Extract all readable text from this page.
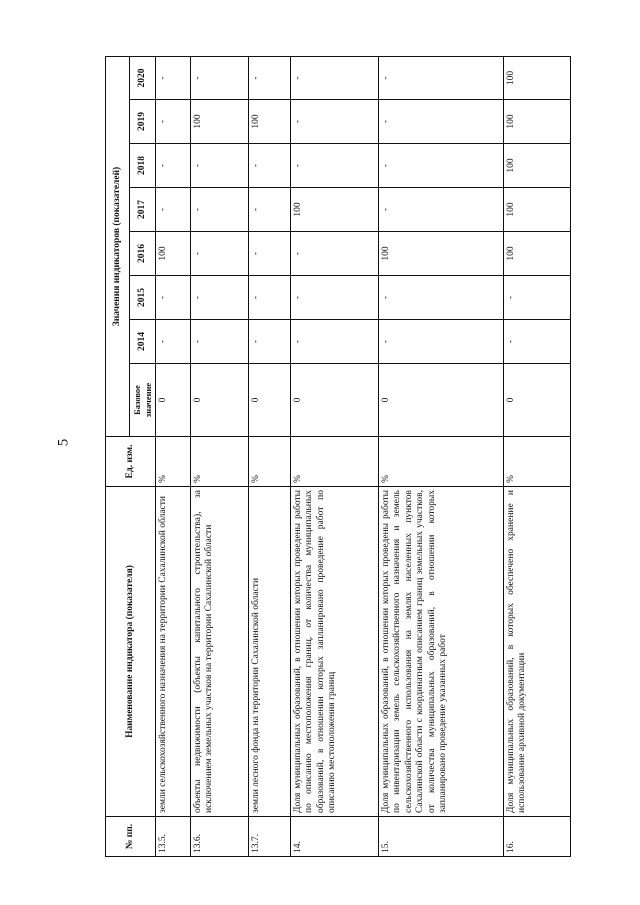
5
№ пп.	Наименование индикатора (показателя)	Ед. изм.	Значения индикаторов (показателей)							
			Базовое значение	2014	2015	2016	2017	2018	2019	2020
13.5.	земли сельскохозяйственного назначения на территории Сахалинской области	%	0	-	-	100	-	-	-	-
13.6.	объекты недвижимости (объекты капитального строительства), за исключением земельных участков на территории Сахалинской области	%	0	-	-	-	-	-	100	-
13.7.	земли лесного фонда на территории Сахалинской области	%	0	-	-	-	-	-	100	-
14.	Доля муниципальных образований, в отношении которых проведены работы по описанию местоположения границ, от количества муниципальных образований, в отношении которых запланировано проведение работ по описанию местоположения границ	%	0	-	-	-	100	-	-	-
15.	Доля муниципальных образований, в отношении которых проведены работы по инвентаризации земель сельскохозяйственного назначения и земель сельскохозяйственного использования на землях населенных пунктов Сахалинской области с координатным описанием границ земельных участков, от количества муниципальных образований, в отношении которых запланировано проведение указанных работ	%	0	-	-	100	-	-	-	-
16.	Доля муниципальных образований, в которых обеспечено хранение и использование архивной документации	%	0	-	-	100	100	100	100	100
